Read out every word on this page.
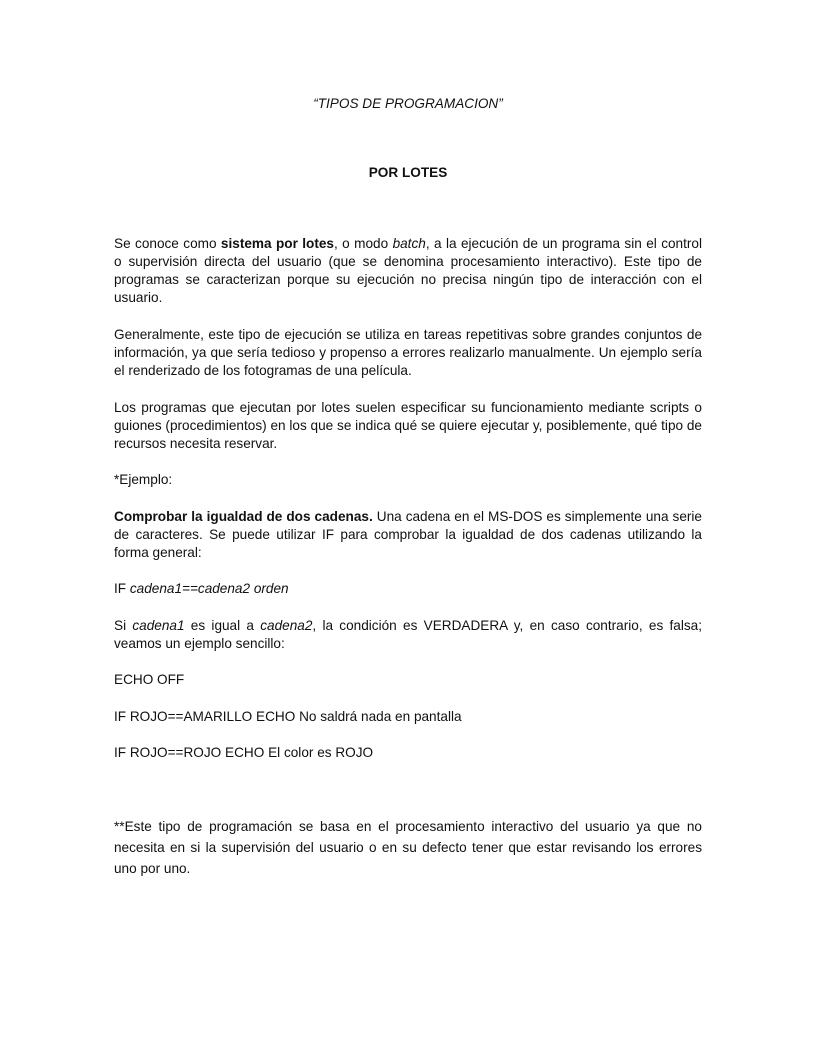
“TIPOS DE PROGRAMACION”
POR LOTES

Se conoce como sistema por lotes, o modo batch, a la ejecución de un programa sin el control o supervisión directa del usuario (que se denomina procesamiento interactivo). Este tipo de programas se caracterizan porque su ejecución no precisa ningún tipo de interacción con el usuario.

Generalmente, este tipo de ejecución se utiliza en tareas repetitivas sobre grandes conjuntos de información, ya que sería tedioso y propenso a errores realizarlo manualmente. Un ejemplo sería el renderizado de los fotogramas de una película.

Los programas que ejecutan por lotes suelen especificar su funcionamiento mediante scripts o guiones (procedimientos) en los que se indica qué se quiere ejecutar y, posiblemente, qué tipo de recursos necesita reservar.

*Ejemplo:

Comprobar la igualdad de dos cadenas. Una cadena en el MS-DOS es simplemente una serie de caracteres. Se puede utilizar IF para comprobar la igualdad de dos cadenas utilizando la forma general:

IF cadena1==cadena2 orden

Si cadena1 es igual a cadena2, la condición es VERDADERA y, en caso contrario, es falsa; veamos un ejemplo sencillo:

ECHO OFF

IF ROJO==AMARILLO ECHO No saldrá nada en pantalla

IF ROJO==ROJO ECHO El color es ROJO

**Este tipo de programación se basa en el procesamiento interactivo del usuario ya que no necesita en si la supervisión del usuario o en su defecto tener que estar revisando los errores uno por uno.
